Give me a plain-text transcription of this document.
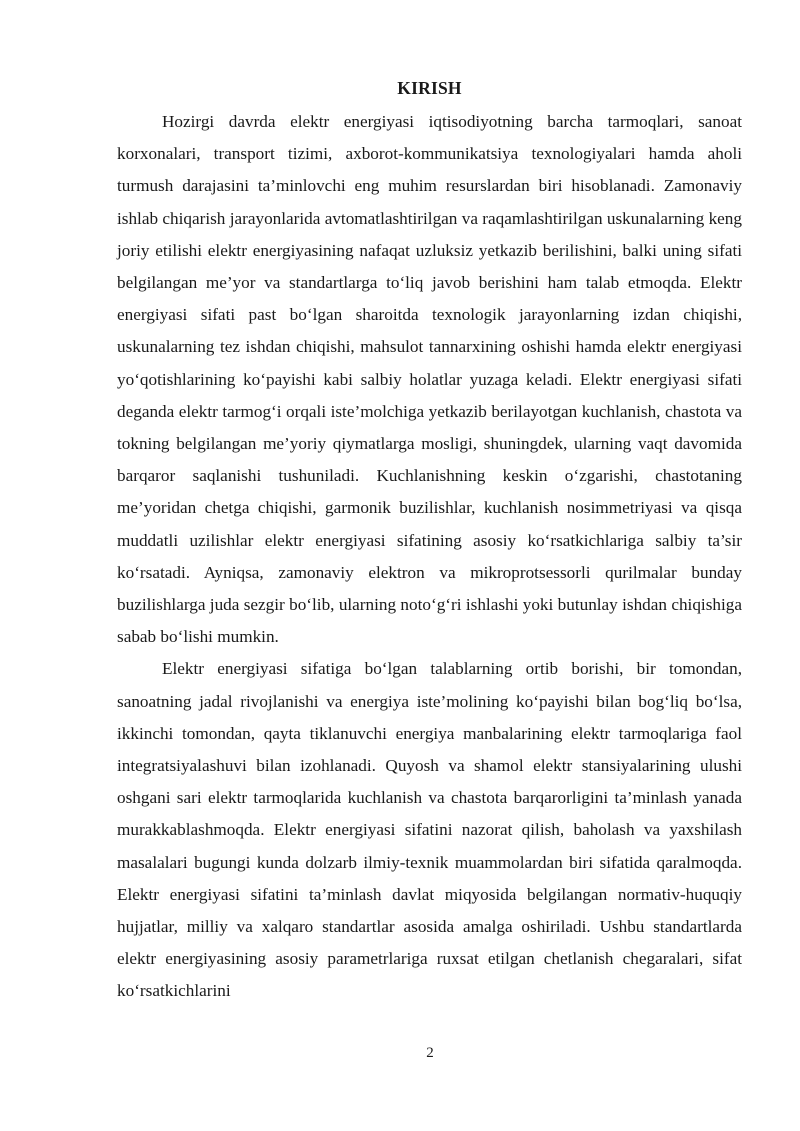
KIRISH

Hozirgi davrda elektr energiyasi iqtisodiyotning barcha tarmoqlari, sanoat korxonalari, transport tizimi, axborot-kommunikatsiya texnologiyalari hamda aholi turmush darajasini ta’minlovchi eng muhim resurslardan biri hisoblanadi. Zamonaviy ishlab chiqarish jarayonlarida avtomatlashtirilgan va raqamlashtirilgan uskunalarning keng joriy etilishi elektr energiyasining nafaqat uzluksiz yetkazib berilishini, balki uning sifati belgilangan me’yor va standartlarga to‘liq javob berishini ham talab etmoqda. Elektr energiyasi sifati past bo‘lgan sharoitda texnologik jarayonlarning izdan chiqishi, uskunalarning tez ishdan chiqishi, mahsulot tannarxining oshishi hamda elektr energiyasi yo‘qotishlarining ko‘payishi kabi salbiy holatlar yuzaga keladi. Elektr energiyasi sifati deganda elektr tarmog‘i orqali iste’molchiga yetkazib berilayotgan kuchlanish, chastota va tokning belgilangan me’yoriy qiymatlarga mosligi, shuningdek, ularning vaqt davomida barqaror saqlanishi tushuniladi. Kuchlanishning keskin o‘zgarishi, chastotaning me’yoridan chetga chiqishi, garmonik buzilishlar, kuchlanish nosimmetriyasi va qisqa muddatli uzilishlar elektr energiyasi sifatining asosiy ko‘rsatkichlariga salbiy ta’sir ko‘rsatadi. Ayniqsa, zamonaviy elektron va mikroprotsessorli qurilmalar bunday buzilishlarga juda sezgir bo‘lib, ularning noto‘g‘ri ishlashi yoki butunlay ishdan chiqishiga sabab bo‘lishi mumkin.

Elektr energiyasi sifatiga bo‘lgan talablarning ortib borishi, bir tomondan, sanoatning jadal rivojlanishi va energiya iste’molining ko‘payishi bilan bog‘liq bo‘lsa, ikkinchi tomondan, qayta tiklanuvchi energiya manbalarining elektr tarmoqlariga faol integratsiyalashuvi bilan izohlanadi. Quyosh va shamol elektr stansiyalarining ulushi oshgani sari elektr tarmoqlarida kuchlanish va chastota barqarorligini ta’minlash yanada murakkablashmoqda. Elektr energiyasi sifatini nazorat qilish, baholash va yaxshilash masalalari bugungi kunda dolzarb ilmiy-texnik muammolardan biri sifatida qaralmoqda. Elektr energiyasi sifatini ta’minlash davlat miqyosida belgilangan normativ-huquqiy hujjatlar, milliy va xalqaro standartlar asosida amalga oshiriladi. Ushbu standartlarda elektr energiyasining asosiy parametrlariga ruxsat etilgan chetlanish chegaralari, sifat ko‘rsatkichlarini

2
